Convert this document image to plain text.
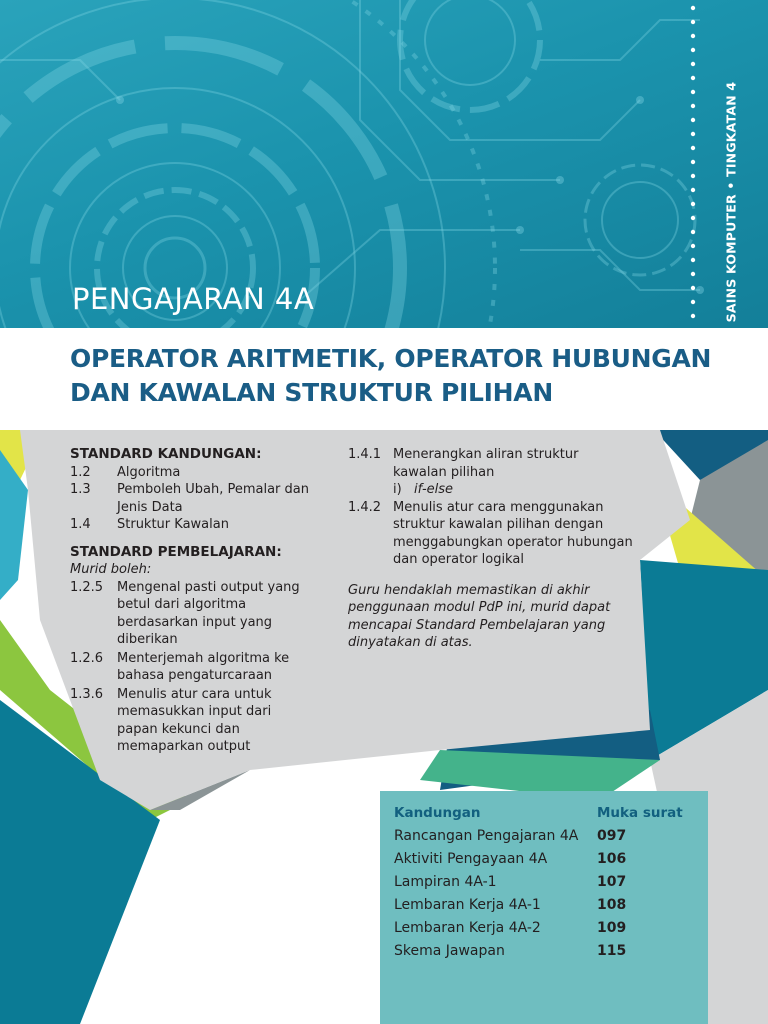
PENGAJARAN 4A	SAINS KOMPUTER • TINGKATAN 4
OPERATOR ARITMETIK, OPERATOR HUBUNGAN
DAN KAWALAN STRUKTUR PILIHAN
STANDARD KANDUNGAN:
1.2	Algoritma
1.3	Pemboleh Ubah, Pemalar dan Jenis Data
1.4	Struktur Kawalan
STANDARD PEMBELAJARAN:
Murid boleh:
1.2.5	Mengenal pasti output yang betul dari algoritma berdasarkan input yang diberikan
1.2.6	Menterjemah algoritma ke bahasa pengaturcaraan
1.3.6	Menulis atur cara untuk memasukkan input dari papan kekunci dan memaparkan output
1.4.1 Menerangkan aliran struktur kawalan pilihan
i) if-else
1.4.2 Menulis atur cara menggunakan struktur kawalan pilihan dengan menggabungkan operator hubungan dan operator logikal
Guru hendaklah memastikan di akhir penggunaan modul PdP ini, murid dapat mencapai Standard Pembelajaran yang dinyatakan di atas.
Kandungan	Muka surat
Rancangan Pengajaran 4A 097
Aktiviti Pengayaan 4A	106
Lampiran 4A-1	107
Lembaran Kerja 4A-1	108
Lembaran Kerja 4A-2	109
Skema Jawapan	115
